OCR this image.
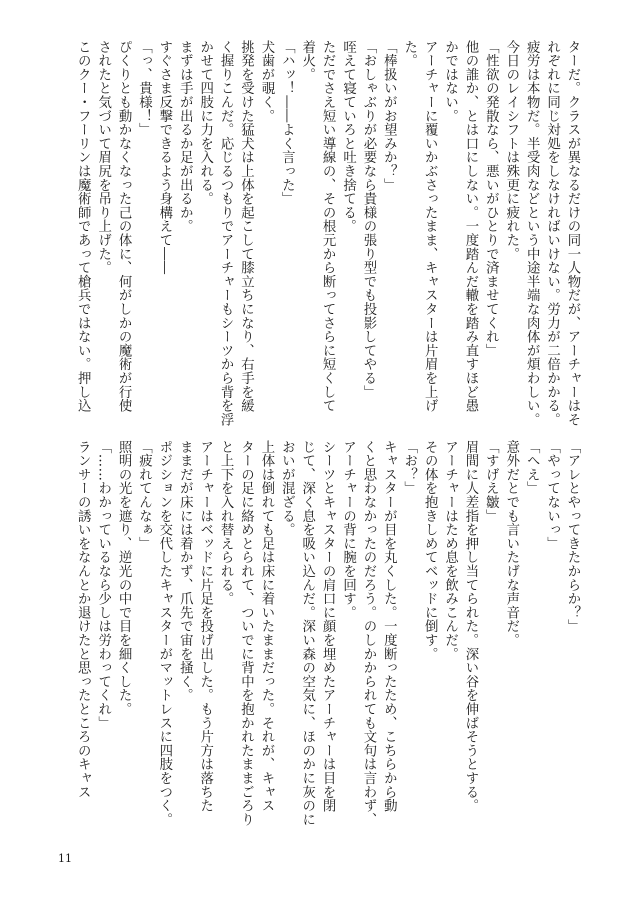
ターだ。クラスが異なるだけの同一人物だが、アーチャーはそ
れぞれに同じ対処をしなければいけない。労力が二倍かかる。
疲労は本物だ。半受肉などという中途半端な肉体が煩わしい。
今日のレイシフトは殊更に疲れた。
「性欲の発散なら、悪いがひとりで済ませてくれ」
他の誰か、とは口にしない。一度踏んだ轍を踏み直すほど愚
かではない。
アーチャーに覆いかぶさったまま、キャスターは片眉を上げ
た。
「棒扱いがお望みか？」
「おしゃぶりが必要なら貴様の張り型でも投影してやる」
咥えて寝ていろと吐き捨てる。
ただでさえ短い導線の、その根元から断ってさらに短くして
着火。
「ハッ！――よく言った」
犬歯が覗く。
挑発を受けた猛犬は上体を起こして膝立ちになり、右手を緩
く握りこんだ。応じるつもりでアーチャーもシーツから背を浮
かせて四肢に力を入れる。
まずは手が出るか足が出るか。
すぐさま反撃できるよう身構えて――
「っ、貴様！」
ぴくりとも動かなくなった己の体に、何がしかの魔術が行使
されたと気づいて眉尻を吊り上げた。
このクー・フーリンは魔術師であって槍兵ではない。押し込
「アレとやってきたからか？」
「やってないっ」
「へえ」
意外だとでも言いたげな声音だ。
「すげえ皺」
眉間に人差指を押し当てられた。深い谷を伸ばそうとする。
アーチャーはため息を飲みこんだ。
その体を抱きしめてベッドに倒す。
「お？」
キャスターが目を丸くした。一度断ったため、こちらから動
くと思わなかったのだろう。のしかかられても文句は言わず、
アーチャーの背に腕を回す。
シーツとキャスターの肩口に顔を埋めたアーチャーは目を閉
じて、深く息を吸い込んだ。深い森の空気に、ほのかに灰のに
おいが混ざる。
上体は倒れても足は床に着いたままだった。それが、キャス
ターの足に絡めとられて、ついでに背中を抱かれたままごろり
と上下を入れ替えられる。
アーチャーはベッドに片足を投げ出した。もう片方は落ちた
ままだが床には着かず、爪先で宙を掻く。
ポジションを交代したキャスターがマットレスに四肢をつく。
「疲れてんなぁ」
照明の光を遮り、逆光の中で目を細くした。
「……わかっているなら少しは労わってくれ」
ランサーの誘いをなんとか退けたと思ったところのキャス
11
